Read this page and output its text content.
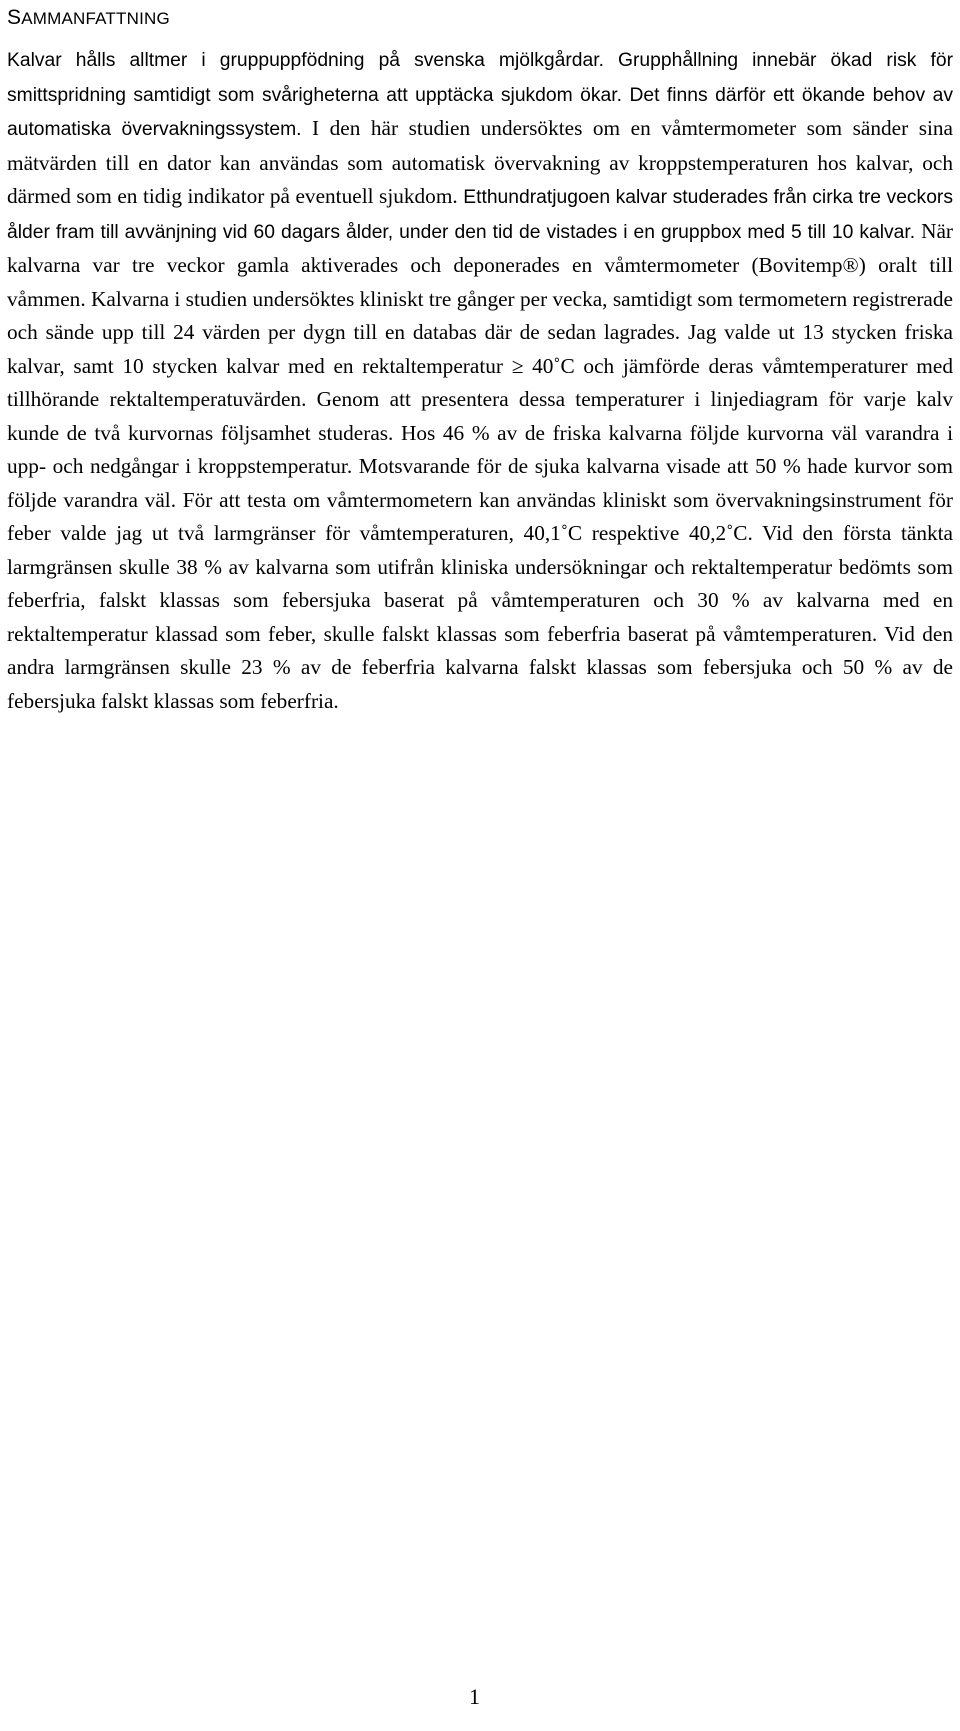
SAMMANFATTNING

Kalvar hålls alltmer i gruppuppfödning på svenska mjölkgårdar. Grupphållning innebär ökad risk för smittspridning samtidigt som svårigheterna att upptäcka sjukdom ökar. Det finns därför ett ökande behov av automatiska övervakningssystem. I den här studien undersöktes om en våmtermometer som sänder sina mätvärden till en dator kan användas som automatisk övervakning av kroppstemperaturen hos kalvar, och därmed som en tidig indikator på eventuell sjukdom. Etthundratjugoen kalvar studerades från cirka tre veckors ålder fram till avvänjning vid 60 dagars ålder, under den tid de vistades i en gruppbox med 5 till 10 kalvar. När kalvarna var tre veckor gamla aktiverades och deponerades en våmtermometer (Bovitemp®) oralt till våmmen. Kalvarna i studien undersöktes kliniskt tre gånger per vecka, samtidigt som termometern registrerade och sände upp till 24 värden per dygn till en databas där de sedan lagrades. Jag valde ut 13 stycken friska kalvar, samt 10 stycken kalvar med en rektaltemperatur ≥ 40˚C och jämförde deras våmtemperaturer med tillhörande rektaltemperatuvärden. Genom att presentera dessa temperaturer i linjediagram för varje kalv kunde de två kurvornas följsamhet studeras. Hos 46 % av de friska kalvarna följde kurvorna väl varandra i upp- och nedgångar i kroppstemperatur. Motsvarande för de sjuka kalvarna visade att 50 % hade kurvor som följde varandra väl. För att testa om våmtermometern kan användas kliniskt som övervakningsinstrument för feber valde jag ut två larmgränser för våmtemperaturen, 40,1˚C respektive 40,2˚C. Vid den första tänkta larmgränsen skulle 38 % av kalvarna som utifrån kliniska undersökningar och rektaltemperatur bedömts som feberfria, falskt klassas som febersjuka baserat på våmtemperaturen och 30 % av kalvarna med en rektaltemperatur klassad som feber, skulle falskt klassas som feberfria baserat på våmtemperaturen. Vid den andra larmgränsen skulle 23 % av de feberfria kalvarna falskt klassas som febersjuka och 50 % av de febersjuka falskt klassas som feberfria.

1
